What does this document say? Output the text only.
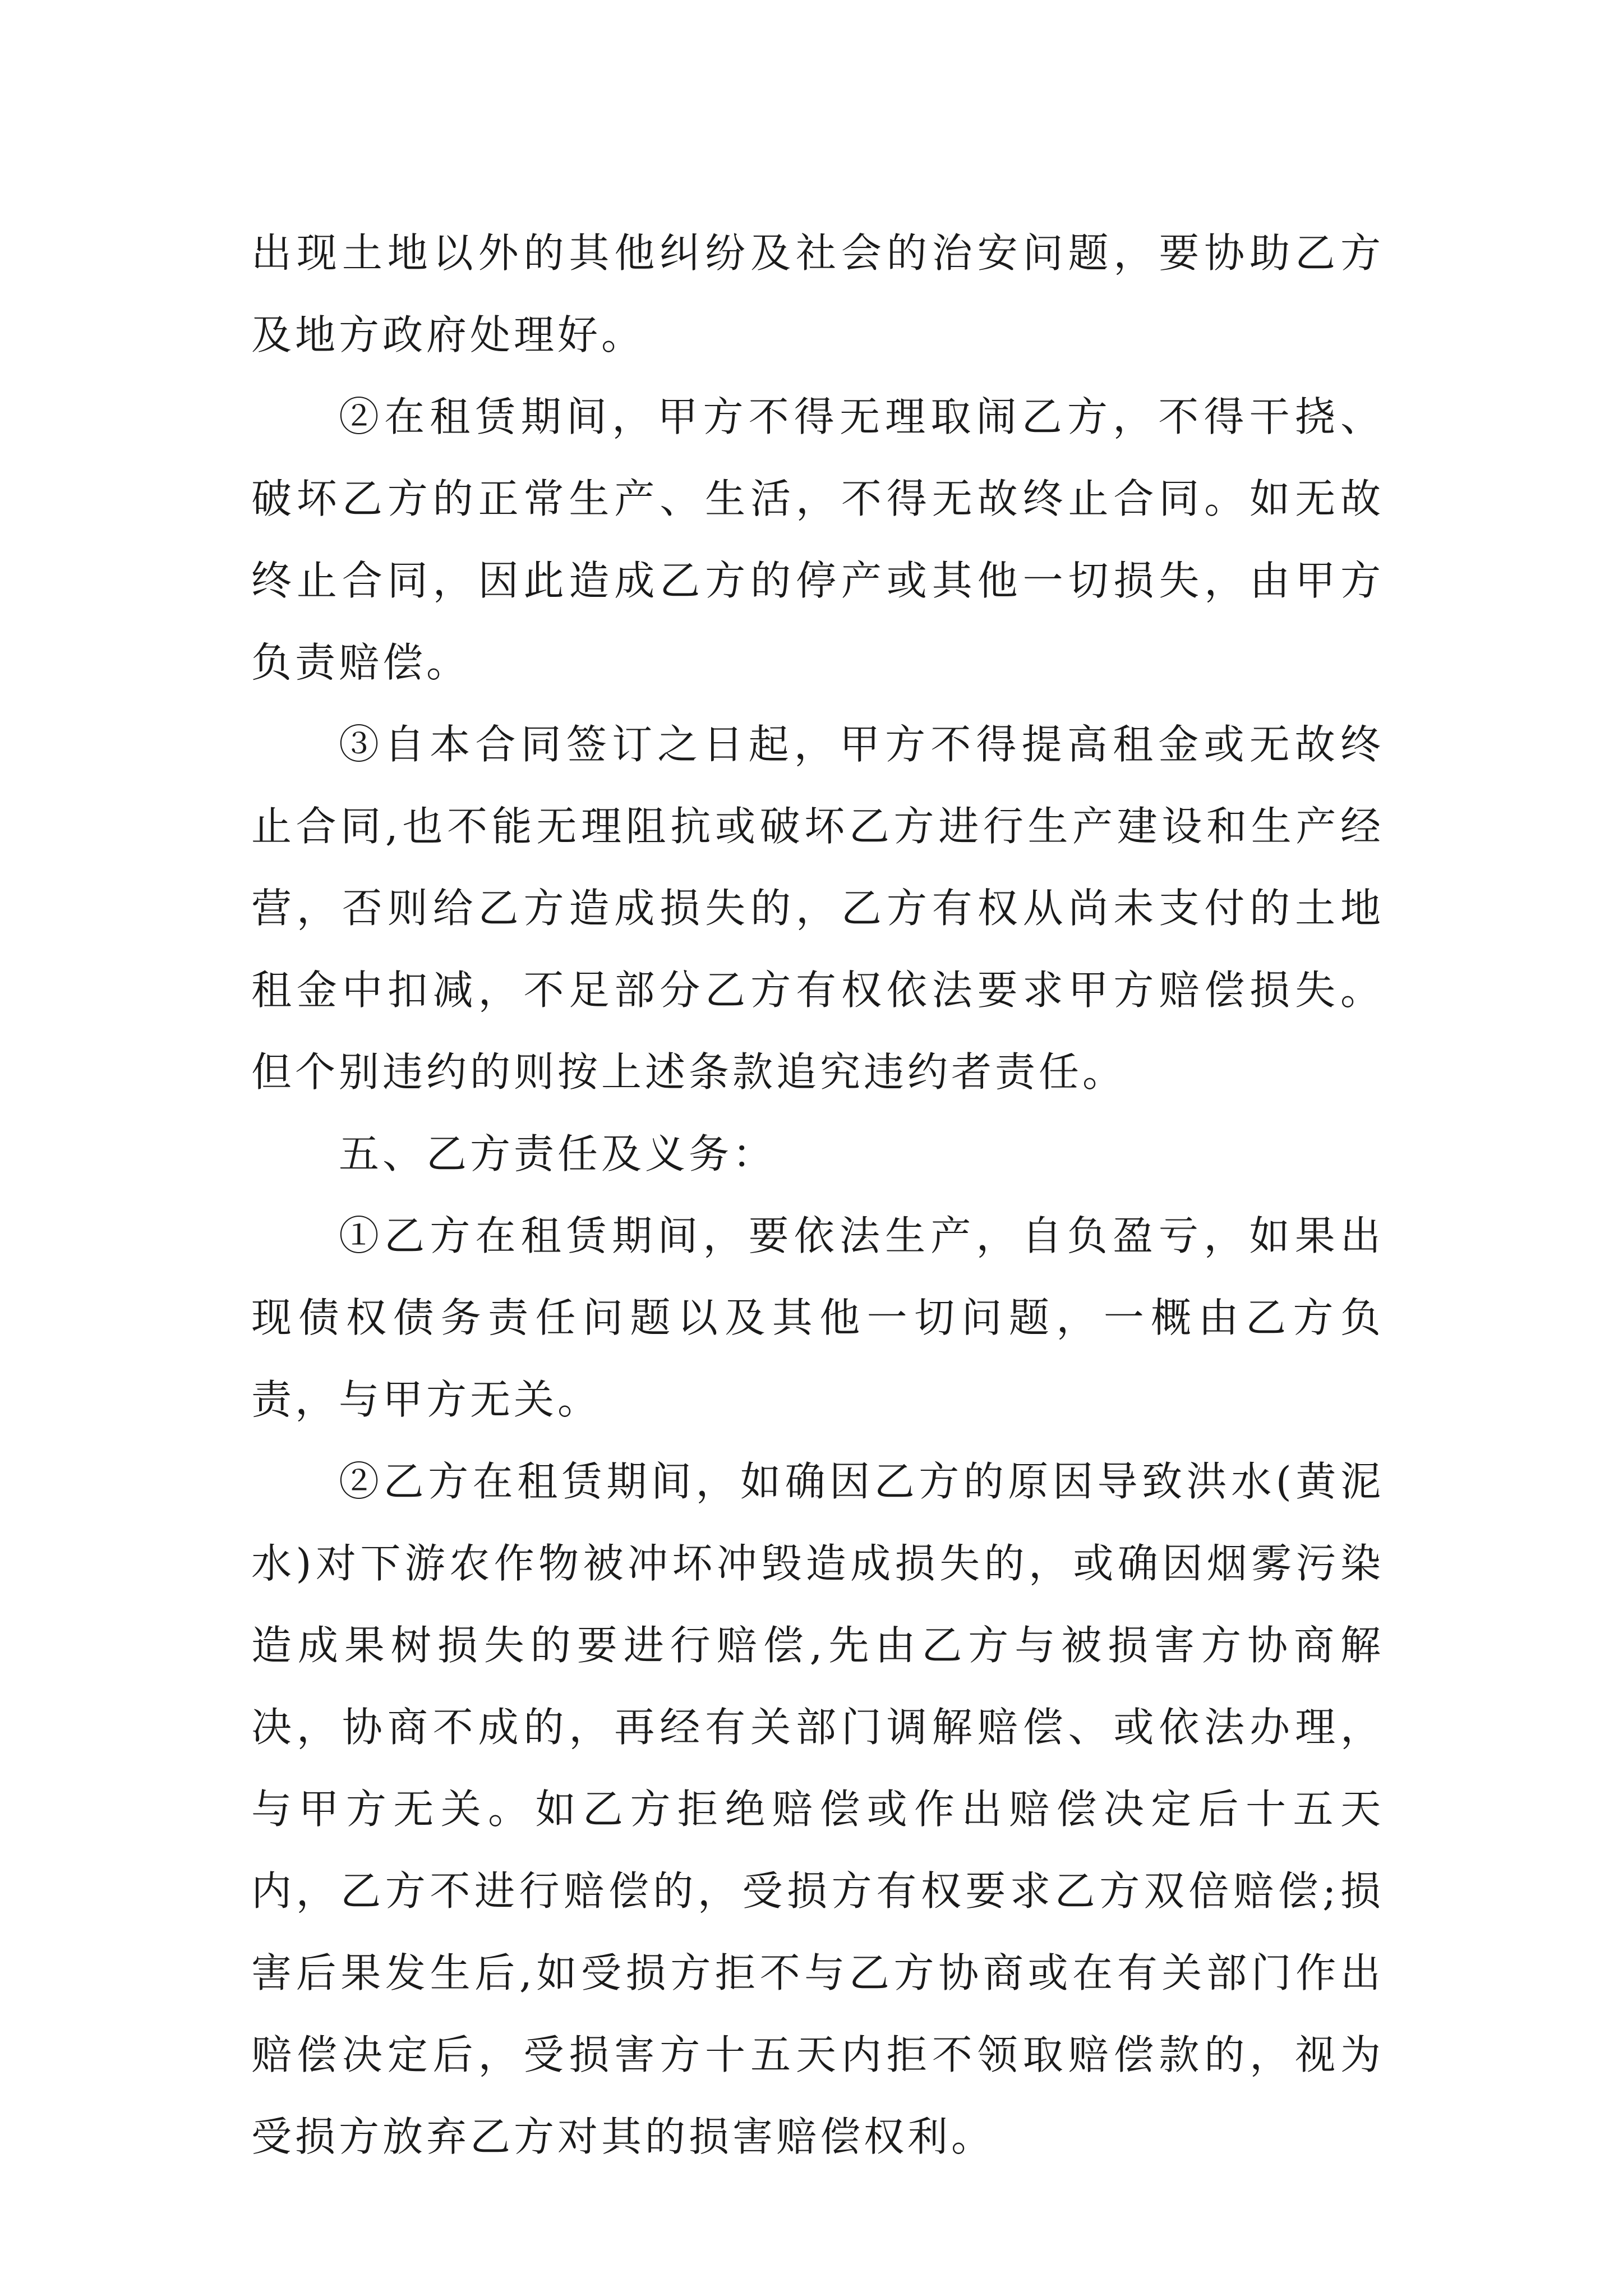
出现土地以外的其他纠纷及社会的治安问题，要协助乙方及地方政府处理好。

②在租赁期间，甲方不得无理取闹乙方，不得干挠、破坏乙方的正常生产、生活，不得无故终止合同。如无故终止合同，因此造成乙方的停产或其他一切损失，由甲方负责赔偿。

③自本合同签订之日起，甲方不得提高租金或无故终止合同,也不能无理阻抗或破坏乙方进行生产建设和生产经营，否则给乙方造成损失的，乙方有权从尚未支付的土地租金中扣减，不足部分乙方有权依法要求甲方赔偿损失。但个别违约的则按上述条款追究违约者责任。

五、乙方责任及义务：

①乙方在租赁期间，要依法生产，自负盈亏，如果出现债权债务责任问题以及其他一切问题，一概由乙方负责，与甲方无关。

②乙方在租赁期间，如确因乙方的原因导致洪水(黄泥水)对下游农作物被冲坏冲毁造成损失的，或确因烟雾污染造成果树损失的要进行赔偿,先由乙方与被损害方协商解决，协商不成的，再经有关部门调解赔偿、或依法办理，与甲方无关。如乙方拒绝赔偿或作出赔偿决定后十五天内，乙方不进行赔偿的，受损方有权要求乙方双倍赔偿;损害后果发生后,如受损方拒不与乙方协商或在有关部门作出赔偿决定后，受损害方十五天内拒不领取赔偿款的，视为受损方放弃乙方对其的损害赔偿权利。
